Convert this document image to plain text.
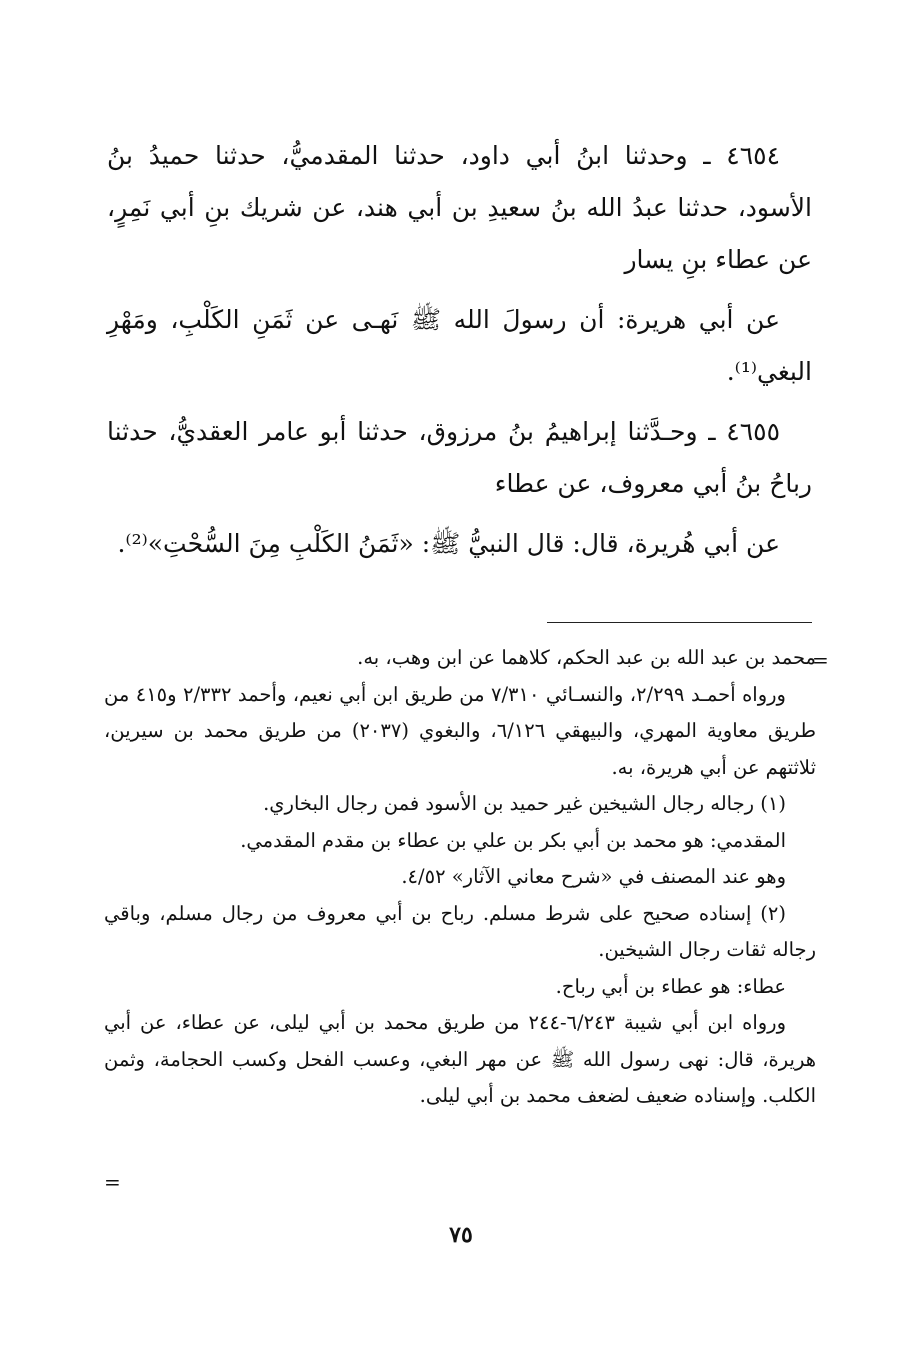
٤٦٥٤ ـ وحدثنا ابنُ أبي داود، حدثنا المقدميُّ، حدثنا حميدُ بنُ الأسود، حدثنا عبدُ الله بنُ سعيدِ بن أبي هند، عن شريك بنِ أبي نَمِرٍ، عن عطاء بنِ يسار

عن أبي هريرة: أن رسولَ الله ﷺ نَهـى عن ثَمَنِ الكَلْبِ، ومَهْرِ البغي⁽¹⁾.

٤٦٥٥ ـ وحـدَّثنا إبراهيمُ بنُ مرزوق، حدثنا أبو عامر العقديُّ، حدثنا رباحُ بنُ أبي معروف، عن عطاء

عن أبي هُريرة، قال: قال النبيُّ ﷺ: «ثَمَنُ الكَلْبِ مِنَ السُّحْتِ»⁽²⁾.

=

محمد بن عبد الله بن عبد الحكم، كلاهما عن ابن وهب، به.

ورواه أحمـد ٢/٢٩٩، والنسـائي ٧/٣١٠ من طريق ابن أبي نعيم، وأحمد ٢/٣٣٢ و٤١٥ من طريق معاوية المهري، والبيهقي ٦/١٢٦، والبغوي (٢٠٣٧) من طريق محمد بن سيرين، ثلاثتهم عن أبي هريرة، به.

(١) رجاله رجال الشيخين غير حميد بن الأسود فمن رجال البخاري.

المقدمي: هو محمد بن أبي بكر بن علي بن عطاء بن مقدم المقدمي.

وهو عند المصنف في «شرح معاني الآثار» ٤/٥٢.

(٢) إسناده صحيح على شرط مسلم. رباح بن أبي معروف من رجال مسلم، وباقي رجاله ثقات رجال الشيخين.

عطاء: هو عطاء بن أبي رباح.

ورواه ابن أبي شيبة ٦/٢٤٣-٢٤٤ من طريق محمد بن أبي ليلى، عن عطاء، عن أبي هريرة، قال: نهى رسول الله ﷺ عن مهر البغي، وعسب الفحل وكسب الحجامة، وثمن الكلب. وإسناده ضعيف لضعف محمد بن أبي ليلى.

=
٧٥
